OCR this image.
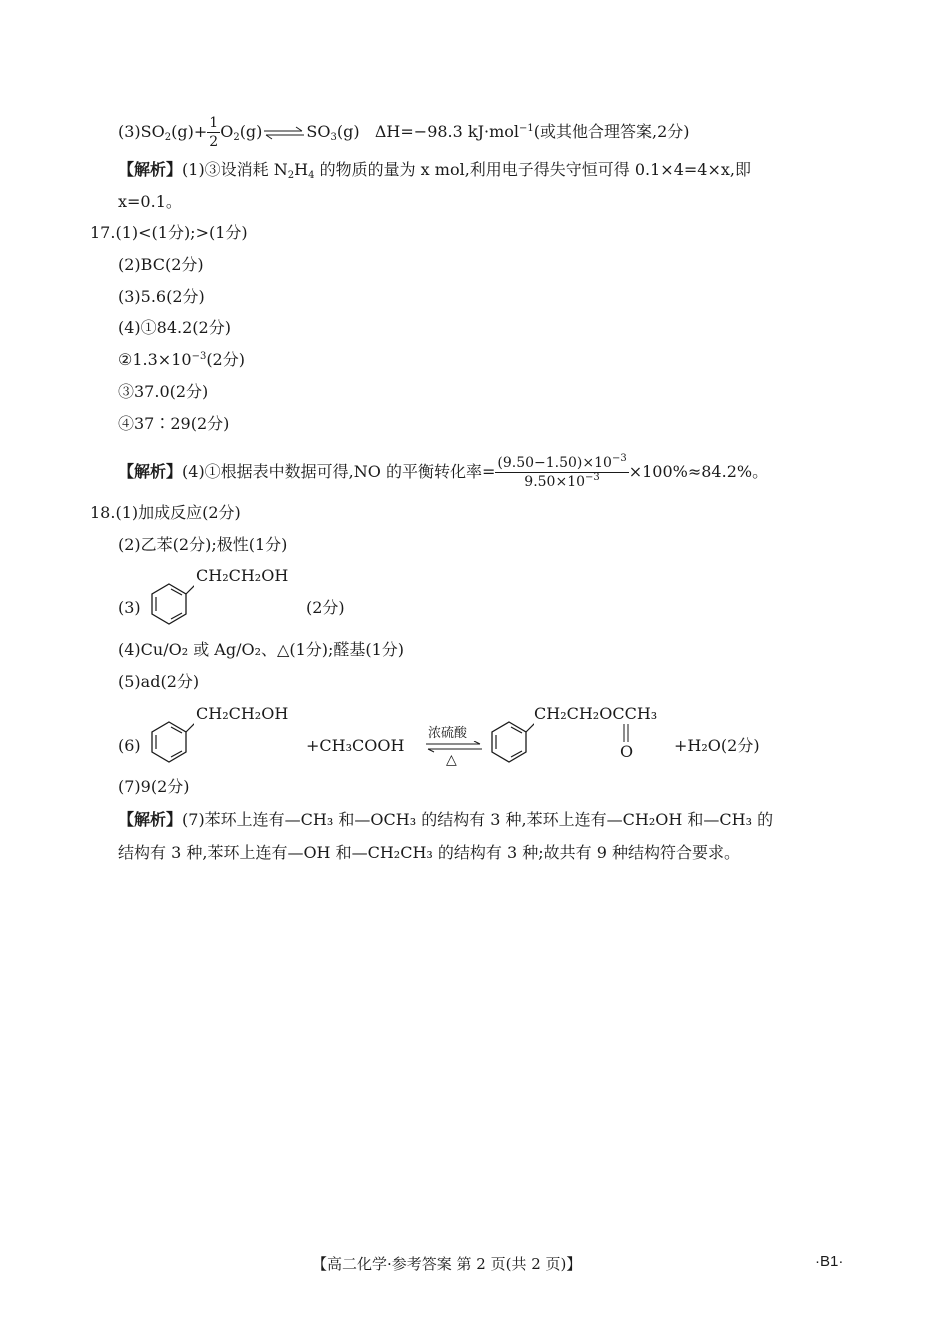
$(3)SO_2(g)+ \frac{1}{2}$ $O_2(g)\rightleftharpoons SO_3(g)$ ΔH=−98.3 kJ·mol$^{-1}$(或其他合理答案,2分)
【解析】(1)③设消耗 $N_2H_4$ 的物质的量为 x mol,利用电子得失守恒可得 0.1×4=4×x,即
x=0.1。
17.(1)<(1分);>(1分)
(2)BC(2分)
(3)5.6(2分)
(4)①84.2(2分)
$②1.3\times 10^{-3}(2$分)
③37.0(2分)
④37∶29(2分)
【解析】(4)①根据表中数据可得,NO 的平衡转化率= $\frac{(9.50-1.50)\times 10^{-3}}{9.50\times 10^{-3}} \times 100\%\approx 84.2\%$。
18.(1)加成反应(2分)
(2)乙苯(2分);极性(1分)
(3)
CH₂CH₂OH
(2分)
(4)Cu/O₂ 或 Ag/O₂、△(1分);醛基(1分)
(5)ad(2分)
(6)
CH₂CH₂OH
+CH₃COOH
浓硫酸
△
CH₂CH₂OCCH₃
O	+H₂O(2分)
(7)9(2分)
【解析】(7)苯环上连有—CH₃ 和—OCH₃ 的结构有 3 种,苯环上连有—CH₂OH 和—CH₃ 的
结构有 3 种,苯环上连有—OH 和—CH₂CH₃ 的结构有 3 种;故共有 9 种结构符合要求。
【高二化学·参考答案 第 2 页(共 2 页)】	·B1·
